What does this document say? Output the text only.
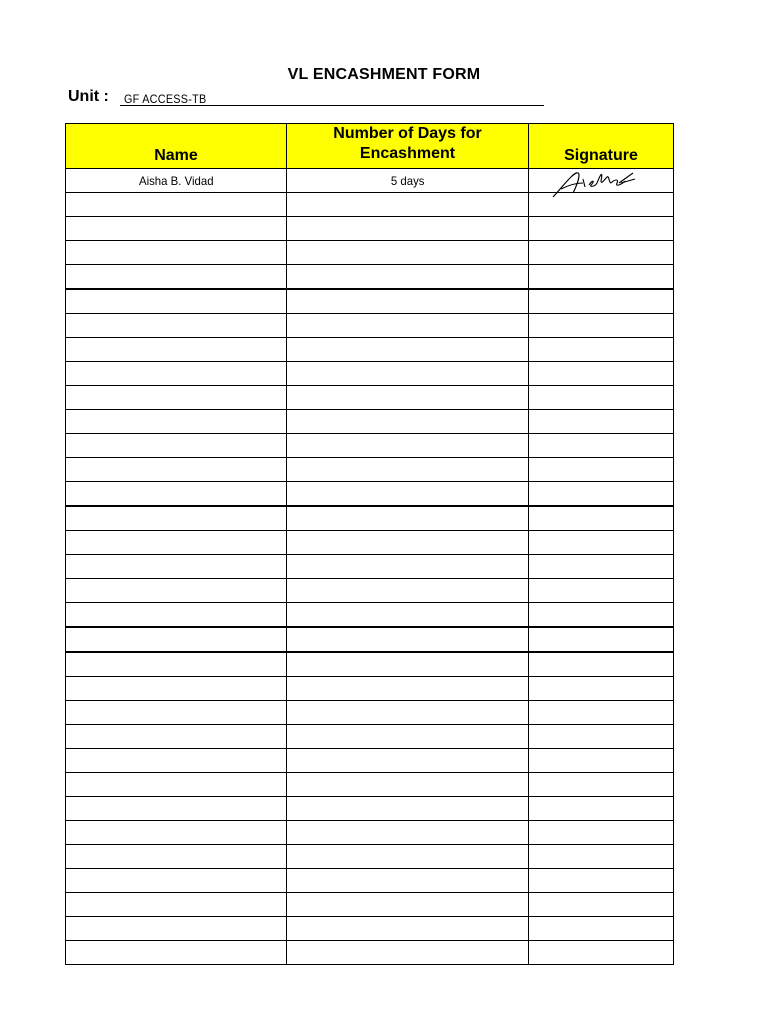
VL ENCASHMENT FORM
Unit : GF ACCESS-TB
Name	Number of Days for Encashment	Signature

Aisha B. Vidad	5 days	
